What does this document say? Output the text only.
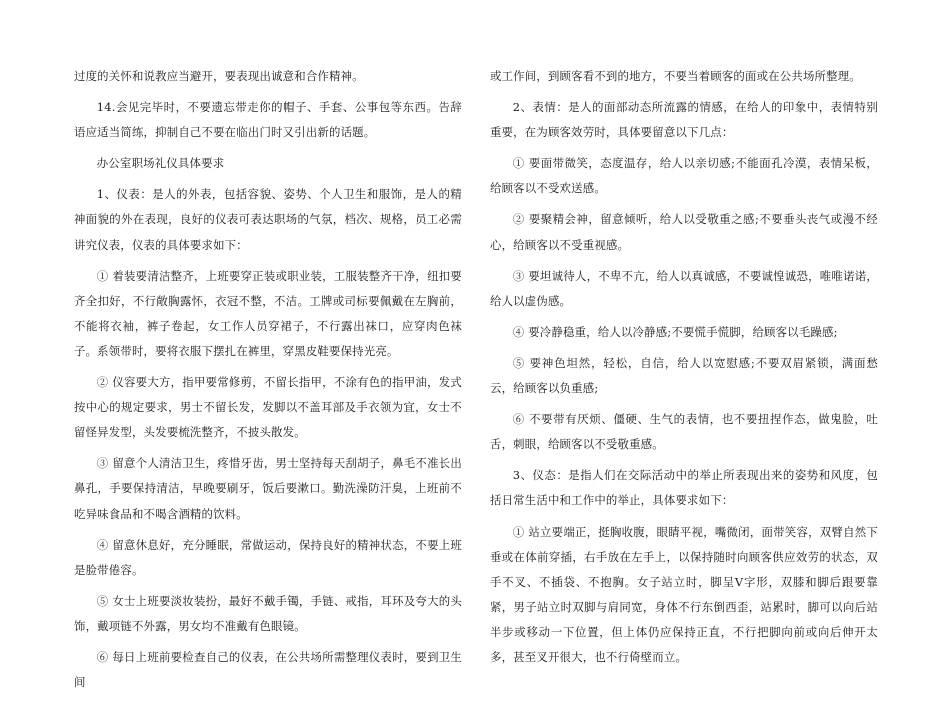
过度的关怀和说教应当避开，要表现出诚意和合作精神。

14.会见完毕时，不要遗忘带走你的帽子、手套、公事包等东西。告辞语应适当简练，抑制自己不要在临出门时又引出新的话题。

办公室职场礼仪具体要求

1、仪表：是人的外表，包括容貌、姿势、个人卫生和服饰，是人的精神面貌的外在表现，良好的仪表可表达职场的气氛，档次、规格，员工必需讲究仪表，仪表的具体要求如下：

① 着装要清洁整齐，上班要穿正装或职业装，工服装整齐干净，纽扣要齐全扣好，不行敞胸露怀，衣冠不整，不洁。工牌或司标要佩戴在左胸前，不能将衣袖，裤子卷起，女工作人员穿裙子，不行露出袜口，应穿肉色袜子。系领带时，要将衣服下摆扎在裤里，穿黑皮鞋要保持光亮。

② 仪容要大方，指甲要常修剪，不留长指甲，不涂有色的指甲油，发式按中心的规定要求，男士不留长发，发脚以不盖耳部及手衣领为宜，女士不留怪异发型，头发要梳洗整齐，不披头散发。

③ 留意个人清洁卫生，疼惜牙齿，男士坚持每天刮胡子，鼻毛不准长出鼻孔，手要保持清洁，早晚要刷牙，饭后要漱口。勤洗澡防汗臭，上班前不吃异味食品和不喝含酒精的饮料。

④ 留意休息好，充分睡眠，常做运动，保持良好的精神状态，不要上班是脸带倦容。

⑤ 女士上班要淡妆装扮，最好不戴手镯，手链、戒指，耳环及夸大的头饰，戴项链不外露，男女均不准戴有色眼镜。

⑥ 每日上班前要检查自己的仪表，在公共场所需整理仪表时，要到卫生间

或工作间，到顾客看不到的地方，不要当着顾客的面或在公共场所整理。

2、表情：是人的面部动态所流露的情感，在给人的印象中，表情特别重要，在为顾客效劳时，具体要留意以下几点：

① 要面带微笑，态度温存，给人以亲切感;不能面孔冷漠，表情呆板，给顾客以不受欢送感。

② 要聚精会神，留意倾听，给人以受敬重之感;不要垂头丧气或漫不经心，给顾客以不受重视感。

③ 要坦诚待人，不卑不亢，给人以真诚感，不要诚惶诚恐，唯唯诺诺，给人以虚伪感。

④ 要冷静稳重，给人以冷静感;不要慌手慌脚，给顾客以毛躁感;

⑤ 要神色坦然，轻松，自信，给人以宽慰感;不要双眉紧锁，满面愁云，给顾客以负重感;

⑥ 不要带有厌烦、僵硬、生气的表情，也不要扭捏作态，做鬼脸，吐舌，刺眼，给顾客以不受敬重感。

3、仪态：是指人们在交际活动中的举止所表现出来的姿势和风度，包括日常生活中和工作中的举止，具体要求如下：

① 站立要端正，挺胸收腹，眼睛平视，嘴微闭，面带笑容，双臂自然下垂或在体前穿插，右手放在左手上，以保持随时向顾客供应效劳的状态，双手不叉、不插袋、不抱胸。女子站立时，脚呈V字形，双膝和脚后跟要靠紧，男子站立时双脚与肩同宽，身体不行东倒西歪，站累时，脚可以向后站半步或移动一下位置，但上体仍应保持正直，不行把脚向前或向后伸开太多，甚至叉开很大，也不行倚壁而立。
